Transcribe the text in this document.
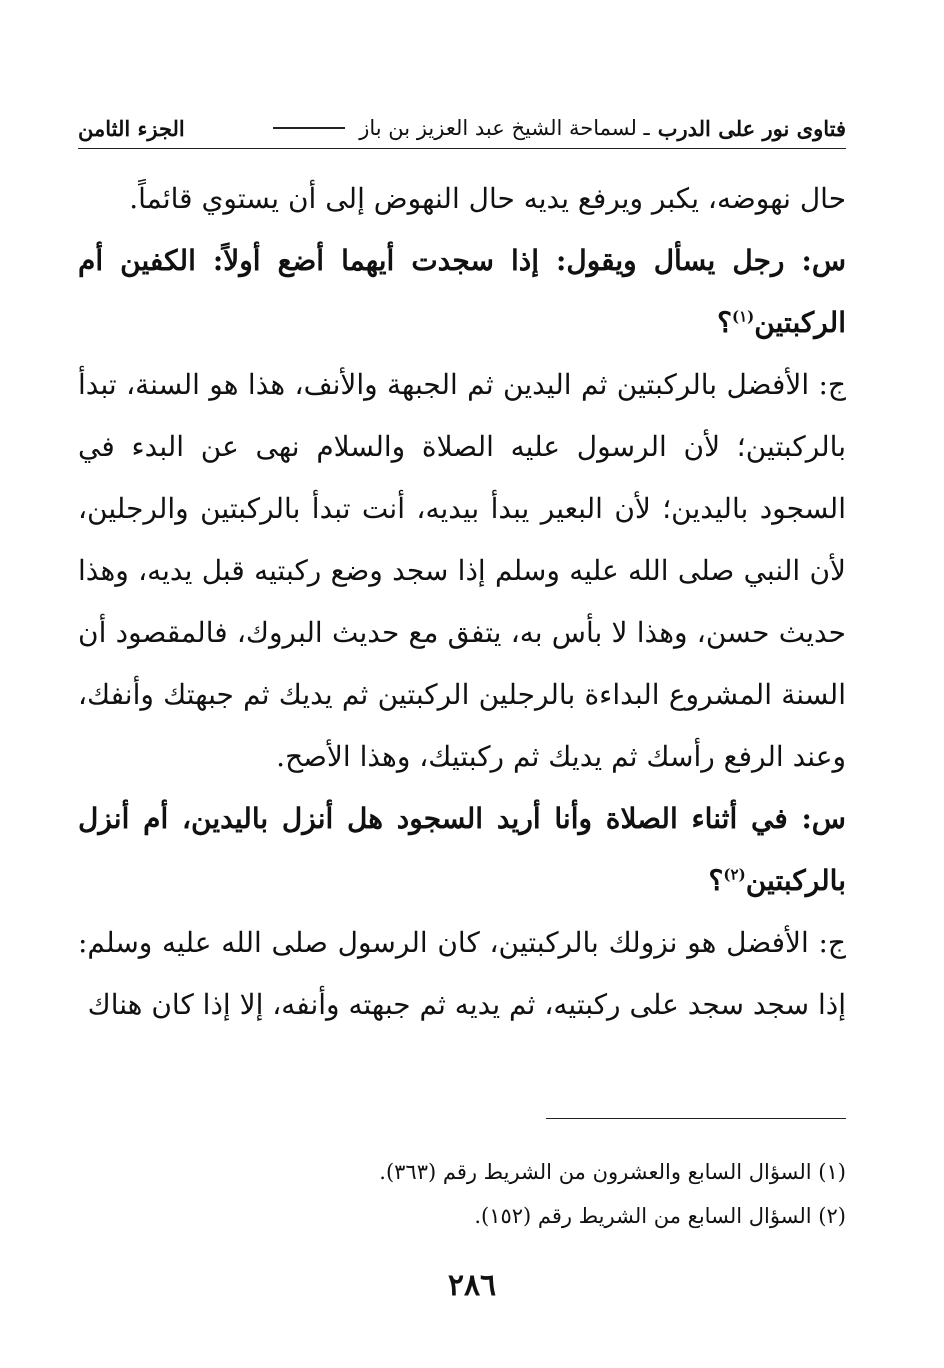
فتاوى نور على الدرب
ـ لسماحة الشيخ عبد العزيز بن باز
الجزء الثامن

حال نهوضه، يكبر ويرفع يديه حال النهوض إلى أن يستوي قائماً.

س: رجل يسأل ويقول: إذا سجدت أيهما أضع أولاً: الكفين أم الركبتين$^{(١)}$؟

ج: الأفضل بالركبتين ثم اليدين ثم الجبهة والأنف، هذا هو السنة، تبدأ بالركبتين؛ لأن الرسول عليه الصلاة والسلام نهى عن البدء في السجود باليدين؛ لأن البعير يبدأ بيديه، أنت تبدأ بالركبتين والرجلين، لأن النبي صلى الله عليه وسلم إذا سجد وضع ركبتيه قبل يديه، وهذا حديث حسن، وهذا لا بأس به، يتفق مع حديث البروك، فالمقصود أن السنة المشروع البداءة بالرجلين الركبتين ثم يديك ثم جبهتك وأنفك، وعند الرفع رأسك ثم يديك ثم ركبتيك، وهذا الأصح.

س: في أثناء الصلاة وأنا أريد السجود هل أنزل باليدين، أم أنزل بالركبتين$^{(٢)}$؟

ج: الأفضل هو نزولك بالركبتين، كان الرسول صلى الله عليه وسلم: إذا سجد سجد على ركبتيه، ثم يديه ثم جبهته وأنفه، إلا إذا كان هناك

(١) السؤال السابع والعشرون من الشريط رقم (٣٦٣).
(٢) السؤال السابع من الشريط رقم (١٥٢).
٢٨٦
